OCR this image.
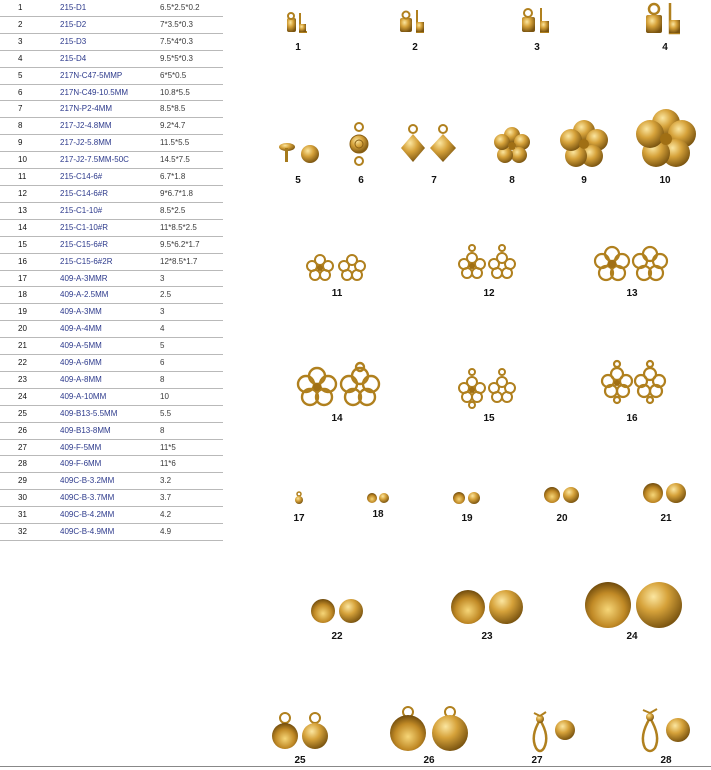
1	215-D1	6.5*2.5*0.2
2	215-D2	7*3.5*0.3
3	215-D3	7.5*4*0.3
4	215-D4	9.5*5*0.3
5	217N-C47-5MMP	6*5*0.5
6	217N-C49-10.5MM	10.8*5.5
7	217N-P2-4MM	8.5*8.5
8	217-J2-4.8MM	9.2*4.7
9	217-J2-5.8MM	11.5*5.5
10	217-J2-7.5MM-50C	14.5*7.5
11	215-C14-6#	6.7*1.8
12	215-C14-6#R	9*6.7*1.8
13	215-C1-10#	8.5*2.5
14	215-C1-10#R	11*8.5*2.5
15	215-C15-6#R	9.5*6.2*1.7
16	215-C15-6#2R	12*8.5*1.7
17	409-A-3MMR	3
18	409-A-2.5MM	2.5
19	409-A-3MM	3
20	409-A-4MM	4
21	409-A-5MM	5
22	409-A-6MM	6
23	409-A-8MM	8
24	409-A-10MM	10
25	409-B13-5.5MM	5.5
26	409-B13-8MM	8
27	409-F-5MM	11*5
28	409-F-6MM	11*6
29	409C-B-3.2MM	3.2
30	409C-B-3.7MM	3.7
31	409C-B-4.2MM	4.2
32	409C-B-4.9MM	4.9
1	2	3	4
5	6	7	8	9	10
11	12	13
14	15	16
17	18	19	20	21
22	23	24
25	26	27	28
